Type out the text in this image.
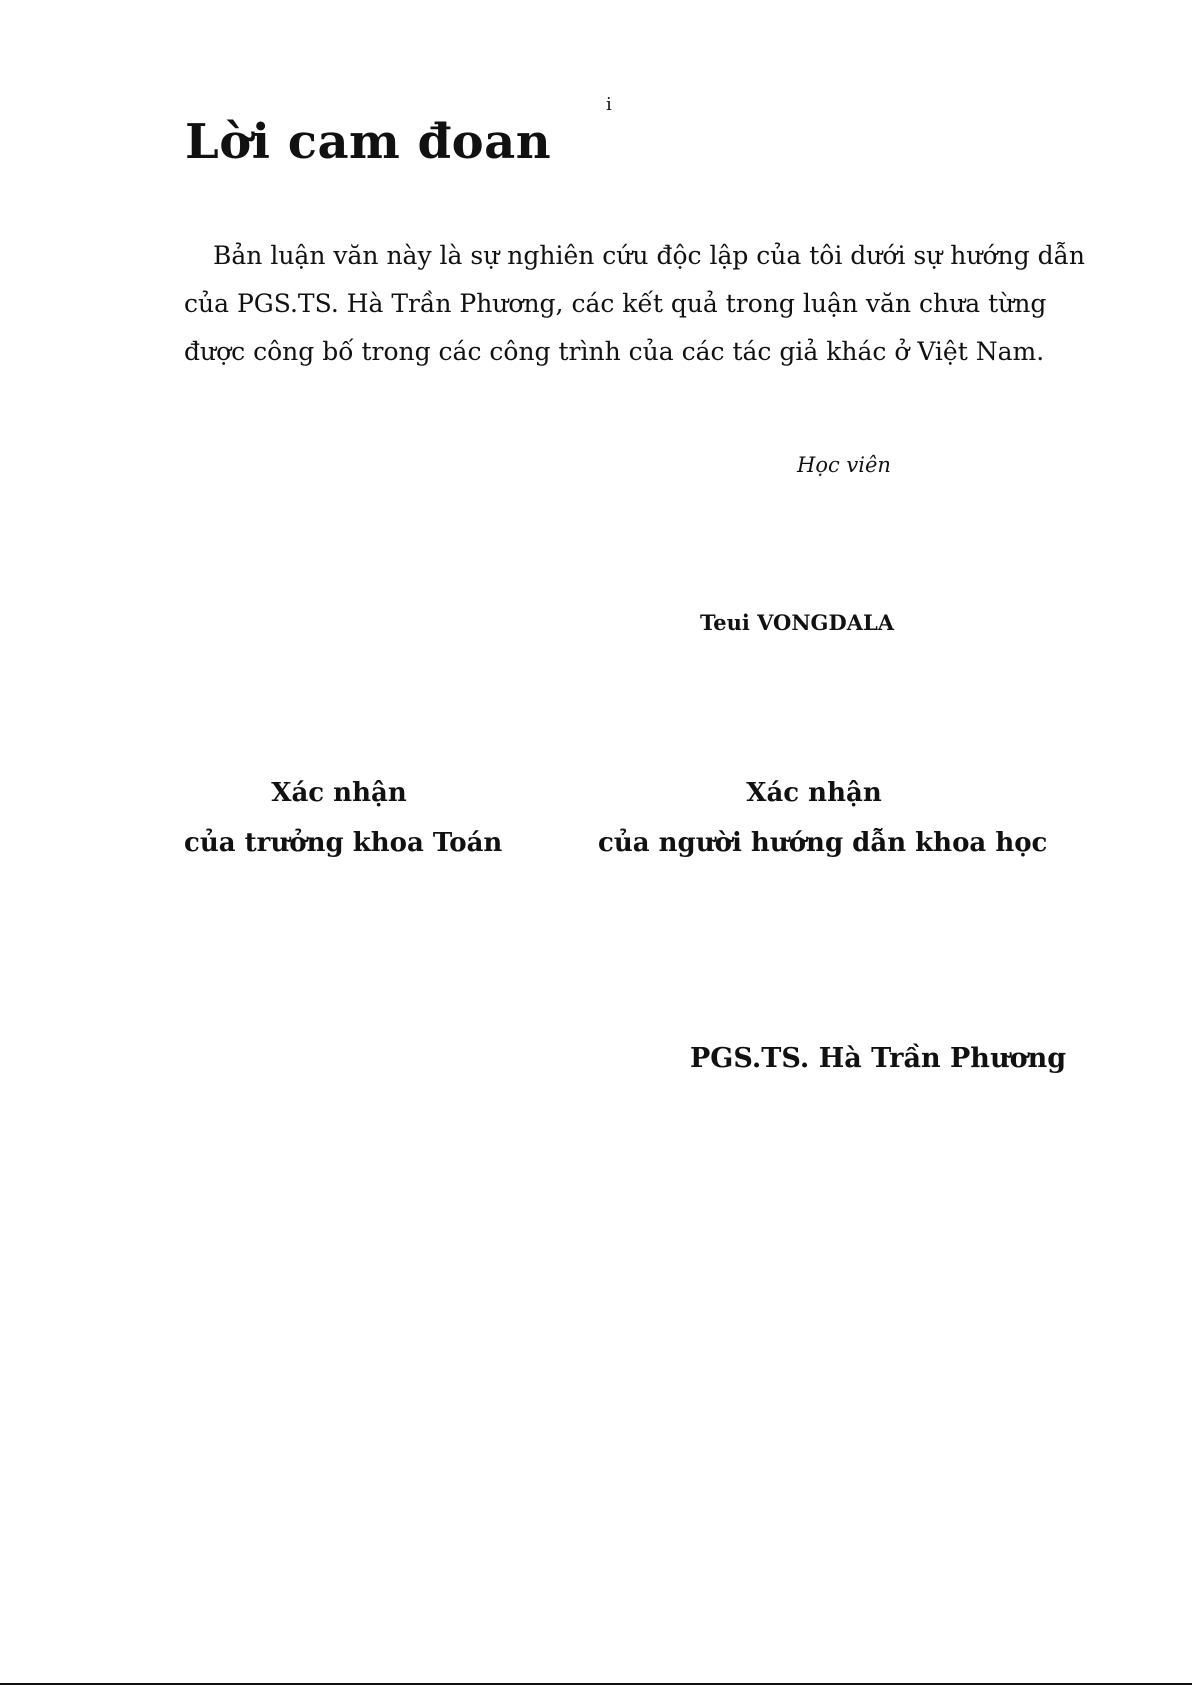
i
Lời cam đoan
Bản luận văn này là sự nghiên cứu độc lập của tôi dưới sự hướng dẫn
của PGS.TS. Hà Trần Phương, các kết quả trong luận văn chưa từng
được công bố trong các công trình của các tác giả khác ở Việt Nam.
Học viên
Teui VONGDALA
Xác nhận
của trưởng khoa Toán
Xác nhận
của người hướng dẫn khoa học
PGS.TS. Hà Trần Phương
